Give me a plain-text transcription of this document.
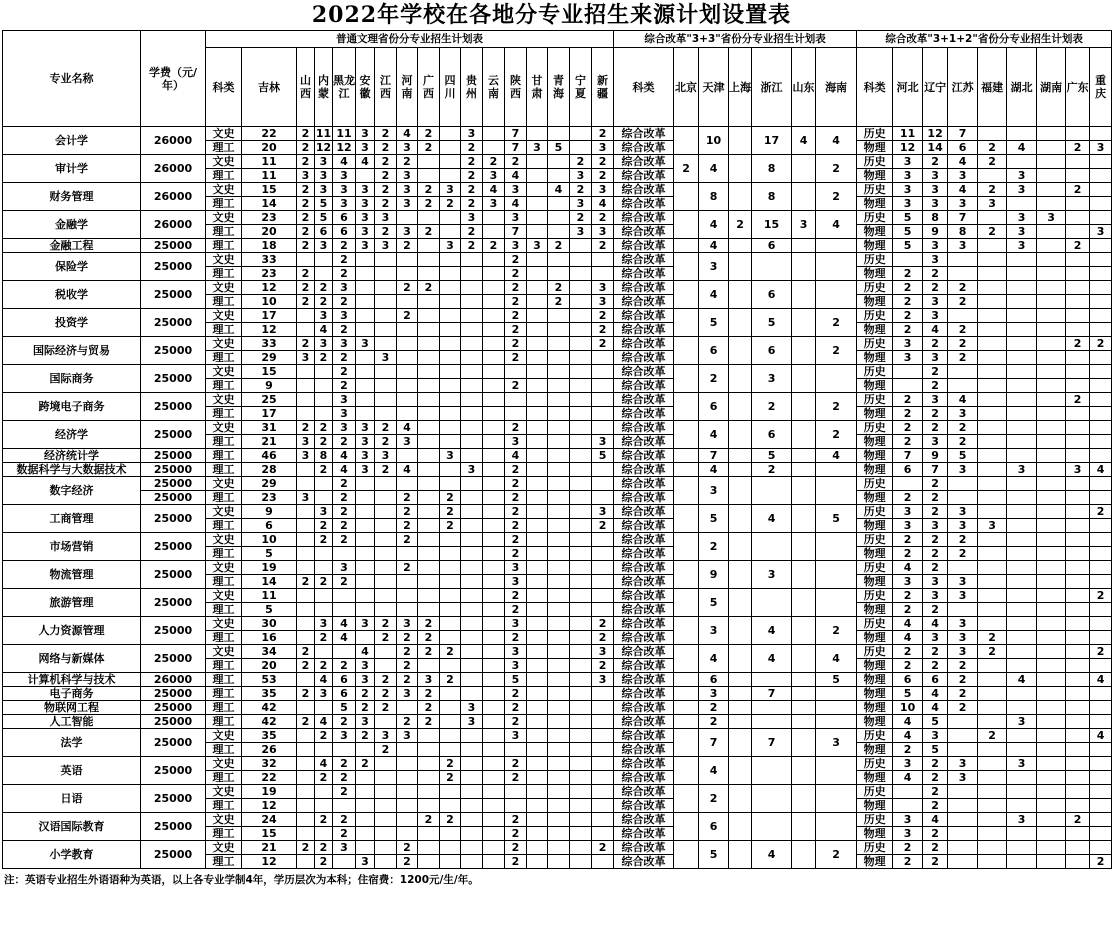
2022年学校在各地分专业招生来源计划设置表
专业名称	学费（元/年）	普通文理省份分专业招生计划表																	综合改革"3+3"省份分专业招生计划表							综合改革"3+1+2"省份分专业招生计划表								
		科类	吉林	山西	内蒙	黑龙江	安徽	江西	河南	广西	四川	贵州	云南	陕西	甘肃	青海	宁夏	新疆	科类	北京	天津	上海	浙江	山东	海南	科类	河北	辽宁	江苏	福建	湖北	湖南	广东	重庆
会计学	26000	文史	22	2	11	11	3	2	4	2		3		7				2	综合改革		10		17	4	4	历史	11	12	7					
		理工	20	2	12	12	3	2	3	2		2		7	3	5		3	综合改革							物理	12	14	6	2	4		2	3
审计学	26000	文史	11	2	3	4	4	2	2			2	2	2			2	2	综合改革	2	4		8		2	历史	3	2	4	2				
		理工	11	3	3	3		2	3			2	3	4			3	2	综合改革							物理	3	3	3		3			
财务管理	26000	文史	15	2	3	3	3	2	3	2	3	2	4	3		4	2	3	综合改革		8		8		2	历史	3	3	4	2	3		2	
		理工	14	2	5	3	3	2	3	2	2	2	3	4			3	4	综合改革							物理	3	3	3	3				
金融学	26000	文史	23	2	5	6	3	3				3		3			2	2	综合改革		4	2	15	3	4	历史	5	8	7		3	3		
		理工	20	2	6	6	3	2	3	2		2		7			3	3	综合改革							物理	5	9	8	2	3			3
金融工程	25000	理工	18	2	3	2	3	3	2		3	2	2	3	3	2		2	综合改革		4		6			物理	5	3	3		3		2	
保险学	25000	文史	33			2								2					综合改革		3					历史		3						
		理工	23	2		2								2					综合改革							物理	2	2						
税收学	25000	文史	12	2	2	3			2	2				2		2		3	综合改革		4		6			历史	2	2	2					
		理工	10	2	2	2								2		2		3	综合改革							物理	2	3	2					
投资学	25000	文史	17		3	3			2					2				2	综合改革		5		5		2	历史	2	3						
		理工	12		4	2								2				2	综合改革							物理	2	4	2					
国际经济与贸易	25000	文史	33	2	3	3	3							2				2	综合改革		6		6		2	历史	3	2	2				2	2
		理工	29	3	2	2		3						2					综合改革							物理	3	3	2					
国际商务	25000	文史	15			2													综合改革		2		3			历史		2						
		理工	9			2								2					综合改革							物理		2						
跨境电子商务	25000	文史	25			3													综合改革		6		2		2	历史	2	3	4				2	
		理工	17			3													综合改革							物理	2	2	3					
经济学	25000	文史	31	2	2	3	3	2	4					2					综合改革		4		6		2	历史	2	2	2					
		理工	21	3	2	2	3	2	3					3				3	综合改革							物理	2	3	2					
经济统计学	25000	理工	46	3	8	4	3	3			3			4				5	综合改革		7		5		4	物理	7	9	5					
数据科学与大数据技术	25000	理工	28		2	4	3	2	4			3		2					综合改革		4		2			物理	6	7	3		3		3	4
数字经济	25000	文史	29			2								2					综合改革		3					历史		2						
	25000	理工	23	3		2			2		2			2					综合改革							物理	2	2						
工商管理	25000	文史	9		3	2			2		2			2				3	综合改革		5		4		5	历史	3	2	3					2
		理工	6		2	2			2		2			2				2	综合改革							物理	3	3	3	3				
市场营销	25000	文史	10		2	2			2					2					综合改革		2					历史	2	2	2					
		理工	5											2					综合改革							物理	2	2	2					
物流管理	25000	文史	19			3			2					3					综合改革		9		3			历史	4	2						
		理工	14	2	2	2								3					综合改革							物理	3	3	3					
旅游管理	25000	文史	11											2					综合改革		5					历史	2	3	3					2
		理工	5											2					综合改革							物理	2	2						
人力资源管理	25000	文史	30		3	4	3	2	3	2				3				2	综合改革		3		4		2	历史	4	4	3					
		理工	16		2	4		2	2	2				2				2	综合改革							物理	4	3	3	2				
网络与新媒体	25000	文史	34	2			4		2	2	2			3				3	综合改革		4		4		4	历史	2	2	3	2				2
		理工	20	2	2	2	3		2					3				2	综合改革							物理	2	2	2					
计算机科学与技术	26000	理工	53		4	6	3	2	2	3	2			5				3	综合改革		6				5	物理	6	6	2		4			4
电子商务	25000	理工	35	2	3	6	2	2	3	2				2					综合改革		3		7			物理	5	4	2					
物联网工程	25000	理工	42			5	2	2		2		3		2					综合改革		2					物理	10	4	2					
人工智能	25000	理工	42	2	4	2	3		2	2		3		2					综合改革		2					物理	4	5			3			
法学	25000	文史	35		2	3	2	3	3					3					综合改革		7		7		3	历史	4	3		2				4
		理工	26					2											综合改革							物理	2	5						
英语	25000	文史	32		4	2	2				2			2					综合改革		4					历史	3	2	3		3			
		理工	22		2	2					2			2					综合改革							物理	4	2	3					
日语	25000	文史	19			2													综合改革		2					历史		2						
		理工	12																综合改革							物理		2						
汉语国际教育	25000	文史	24		2	2				2	2			2					综合改革		6					历史	3	4			3		2	
		理工	15			2								2					综合改革							物理	3	2						
小学教育	25000	文史	21	2	2	3			2					2				2	综合改革		5		4		2	历史	2	2						
		理工	12		2		3		2					2					综合改革							物理	2	2						2
注：英语专业招生外语语种为英语，以上各专业学制4年，学历层次为本科；住宿费：1200元/生/年。
